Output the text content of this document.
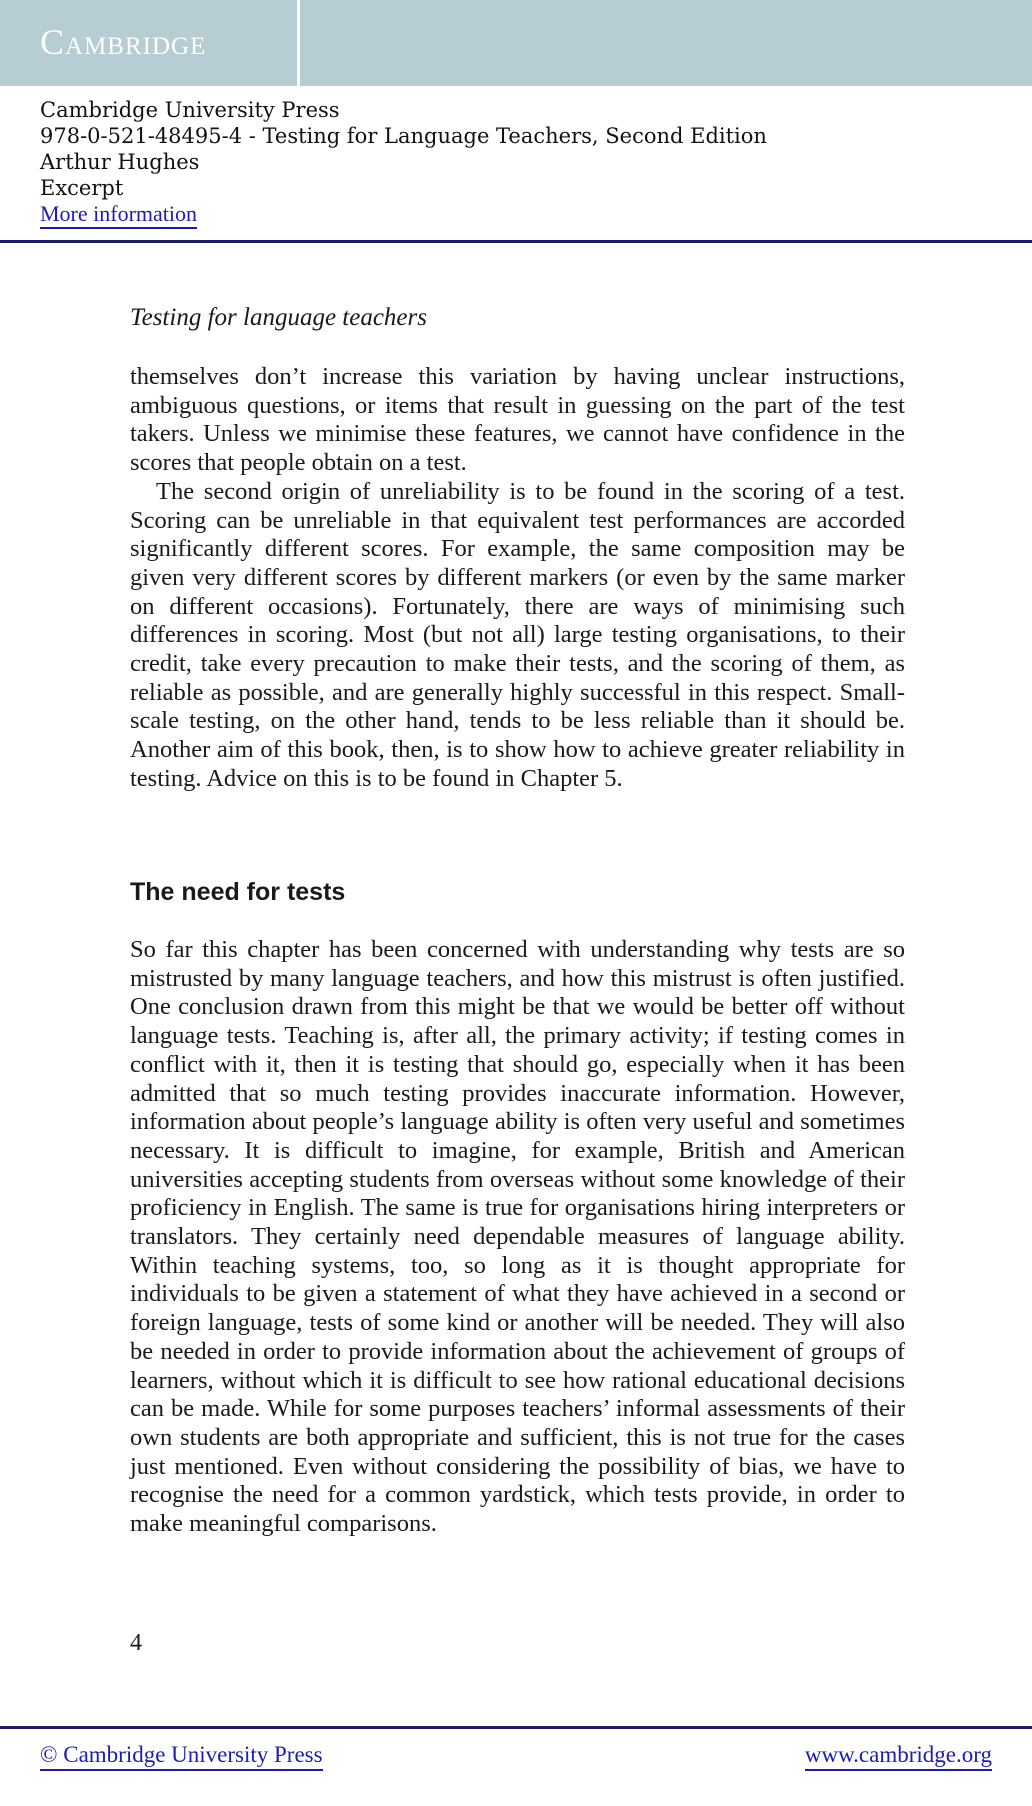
Cambridge
Cambridge University Press
978-0-521-48495-4 - Testing for Language Teachers, Second Edition
Arthur Hughes
Excerpt
More information
Testing for language teachers

themselves don’t increase this variation by having unclear instructions, ambiguous questions, or items that result in guessing on the part of the test takers. Unless we minimise these features, we cannot have confidence in the scores that people obtain on a test.

The second origin of unreliability is to be found in the scoring of a test. Scoring can be unreliable in that equivalent test performances are accorded significantly different scores. For example, the same composition may be given very different scores by different markers (or even by the same marker on different occasions). Fortunately, there are ways of minimising such differences in scoring. Most (but not all) large testing organisations, to their credit, take every precaution to make their tests, and the scoring of them, as reliable as possible, and are generally highly successful in this respect. Small-scale testing, on the other hand, tends to be less reliable than it should be. Another aim of this book, then, is to show how to achieve greater reliability in testing. Advice on this is to be found in Chapter 5.

The need for tests

So far this chapter has been concerned with understanding why tests are so mistrusted by many language teachers, and how this mistrust is often justified. One conclusion drawn from this might be that we would be better off without language tests. Teaching is, after all, the primary activity; if testing comes in conflict with it, then it is testing that should go, especially when it has been admitted that so much testing provides inaccurate information. However, information about people’s language ability is often very useful and sometimes necessary. It is difficult to imagine, for example, British and American universities accepting students from overseas without some knowledge of their proficiency in English. The same is true for organisations hiring interpreters or translators. They certainly need dependable measures of language ability. Within teaching systems, too, so long as it is thought appropriate for individuals to be given a statement of what they have achieved in a second or foreign language, tests of some kind or another will be needed. They will also be needed in order to provide information about the achievement of groups of learners, without which it is difficult to see how rational educational decisions can be made. While for some purposes teachers’ informal assessments of their own students are both appropriate and sufficient, this is not true for the cases just mentioned. Even without considering the possibility of bias, we have to recognise the need for a common yardstick, which tests provide, in order to make meaningful comparisons.

4
© Cambridge University Press	www.cambridge.org
